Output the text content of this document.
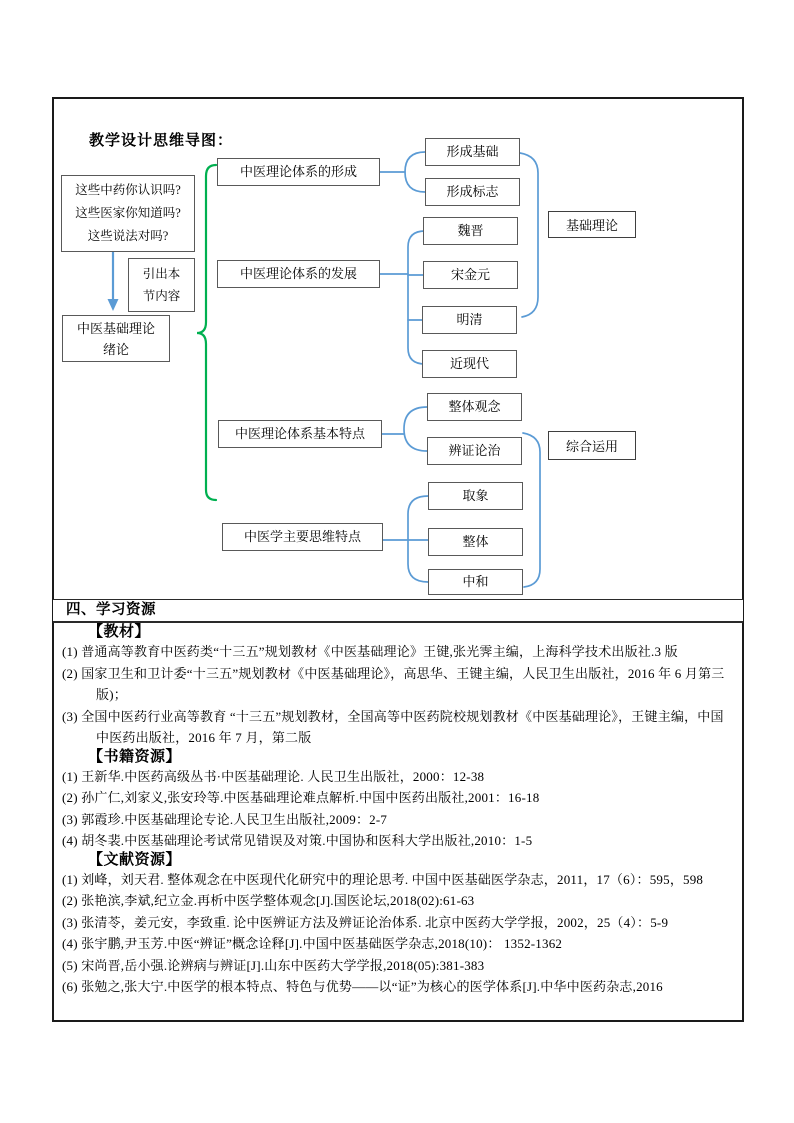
教学设计思维导图：
这些中药你认识吗?
这些医家你知道吗?
这些说法对吗?
引出本
节内容
中医基础理论
绪论
中医理论体系的形成
中医理论体系的发展
中医理论体系基本特点
中医学主要思维特点
形成基础
形成标志
魏晋
宋金元
明清
近现代
整体观念
辨证论治
取象
整体
中和
基础理论
综合运用
四、学习资源
【教材】
(1) 普通高等教育中医药类“十三五”规划教材《中医基础理论》王键,张光霁主编，上海科学技术出版社.3 版
(2) 国家卫生和卫计委“十三五”规划教材《中医基础理论》，高思华、王键主编，人民卫生出版社，2016 年 6 月第三版)；
(3) 全国中医药行业高等教育 “十三五”规划教材，全国高等中医药院校规划教材《中医基础理论》，王键主编，中国中医药出版社，2016 年 7 月，第二版
【书籍资源】
(1) 王新华.中医药高级丛书·中医基础理论. 人民卫生出版社，2000：12-38
(2) 孙广仁,刘家义,张安玲等.中医基础理论难点解析.中国中医药出版社,2001：16-18
(3) 郭霞珍.中医基础理论专论.人民卫生出版社,2009：2-7
(4) 胡冬裴.中医基础理论考试常见错误及对策.中国协和医科大学出版社,2010：1-5
【文献资源】
(1) 刘峰，刘天君. 整体观念在中医现代化研究中的理论思考. 中国中医基础医学杂志，2011，17（6）：595，598
(2) 张艳滨,李斌,纪立金.再析中医学整体观念[J].国医论坛,2018(02):61-63
(3) 张清苓，姜元安，李致重. 论中医辨证方法及辨证论治体系. 北京中医药大学学报，2002，25（4）：5-9
(4) 张宇鹏,尹玉芳.中医“辨证”概念诠释[J].中国中医基础医学杂志,2018(10)： 1352-1362
(5) 宋尚晋,岳小强.论辨病与辨证[J].山东中医药大学学报,2018(05):381-383
(6) 张勉之,张大宁.中医学的根本特点、特色与优势——以“证”为核心的医学体系[J].中华中医药杂志,2016
